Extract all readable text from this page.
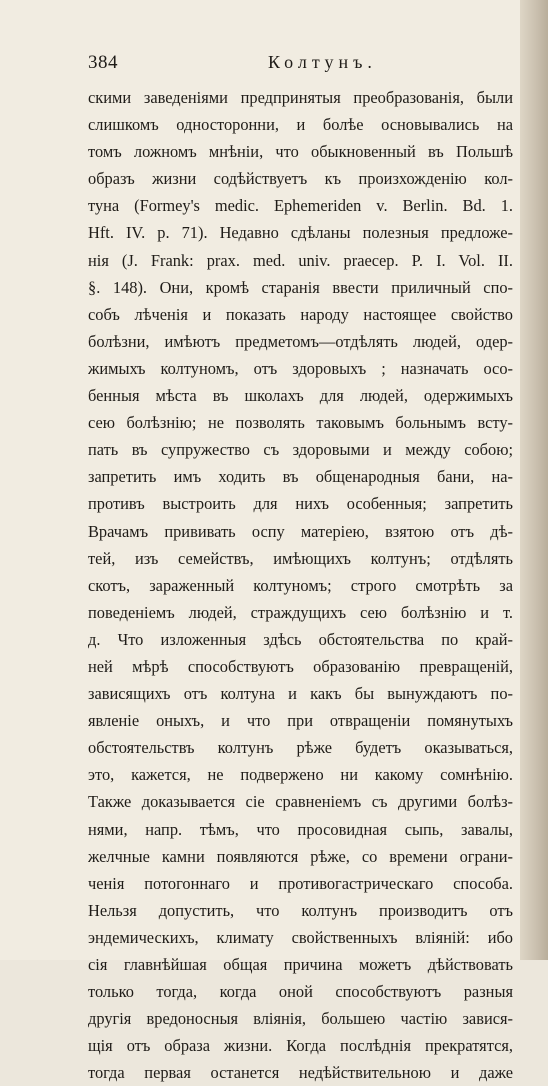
384	Колтунъ.
скими заведеніями предпринятыя преобразованія, были
слишкомъ односторонни, и болѣе основывались на
томъ ложномъ мнѣніи, что обыкновенный въ Польшѣ
образъ жизни содѣйствуетъ къ произхожденію кол-
туна (Formey's medic. Ephemeriden v. Berlin. Bd. 1.
Hft. IV. p. 71). Недавно сдѣланы полезныя предложе-
нія (J. Frank: prax. med. univ. praecep. P. I. Vol. II.
§. 148). Они, кромѣ старанія ввести приличный спо-
собъ лѣченія и показать народу настоящее свойство
болѣзни, имѣютъ предметомъ—отдѣлять людей, одер-
жимыхъ колтуномъ, отъ здоровыхъ ; назначать осо-
бенныя мѣста въ школахъ для людей, одержимыхъ
сею болѣзнію; не позволять таковымъ больнымъ всту-
пать въ супружество съ здоровыми и между собою;
запретить имъ ходить въ общенародныя бани, на-
противъ выстроить для нихъ особенныя; запретить
Врачамъ прививать оспу матеріею, взятою отъ дѣ-
тей, изъ семействъ, имѣющихъ колтунъ; отдѣлять
скотъ, зараженный колтуномъ; строго смотрѣть за
поведеніемъ людей, страждущихъ сею болѣзнію и т.
д. Что изложенныя здѣсь обстоятельства по край-
ней мѣрѣ способствуютъ образованію превращеній,
зависящихъ отъ колтуна и какъ бы вынуждаютъ по-
явленіе оныхъ, и что при отвращеніи помянутыхъ
обстоятельствъ колтунъ рѣже будетъ оказываться,
это, кажется, не подвержено ни какому сомнѣнію.
Также доказывается сіе сравненіемъ съ другими болѣз-
нями, напр. тѣмъ, что просовидная сыпь, завалы,
желчные камни появляются рѣже, со времени ограни-
ченія потогоннаго и противогастрическаго способа.
Нельзя допустить, что колтунъ производитъ отъ
эндемическихъ, климату свойственныхъ вліяній: ибо
сія главнѣйшая общая причина можетъ дѣйствовать
только тогда, когда оной способствуютъ разныя
другія вредоносныя вліянія, большею частію завися-
щія отъ образа жизни. Когда послѣднія прекратятся,
тогда первая останется недѣйствительною и даже
